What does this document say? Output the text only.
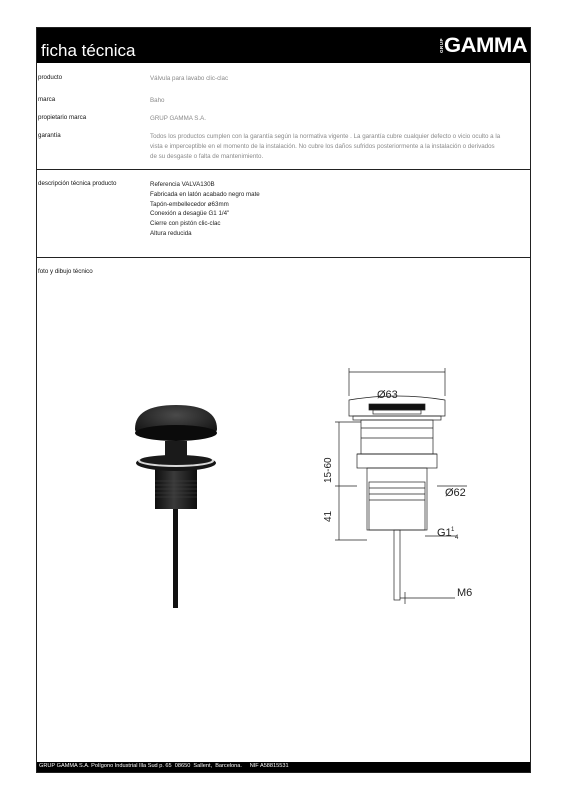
ficha técnica	GRUP GAMMA
producto	Válvula para lavabo clic-clac
marca	Baho
propietario marca	GRUP GAMMA S.A.
garantía	Todos los productos cumplen con la garantía según la normativa vigente . La garantía cubre cualquier defecto o vicio oculto a la
vista e imperceptible en el momento de la instalación. No cubre los daños sufridos posteriormente a la instalación o derivados
de su desgaste o falta de mantenimiento.
descripción técnica producto	Referencia VALVA130B
Fabricada en latón acabado negro mate
Tapón-embellecedor ø63mm
Conexión a desagüe G1 1/4"
Cierre con pistón clic-clac
Altura reducida
foto y dibujo técnico
Ø63
Ø62
15-60
41
G1 1
4
M6
GRUP GAMMA S.A. Polígono Industrial Illa Sud p. 65  08650  Sallent,  Barcelona.     NIF A58815531
